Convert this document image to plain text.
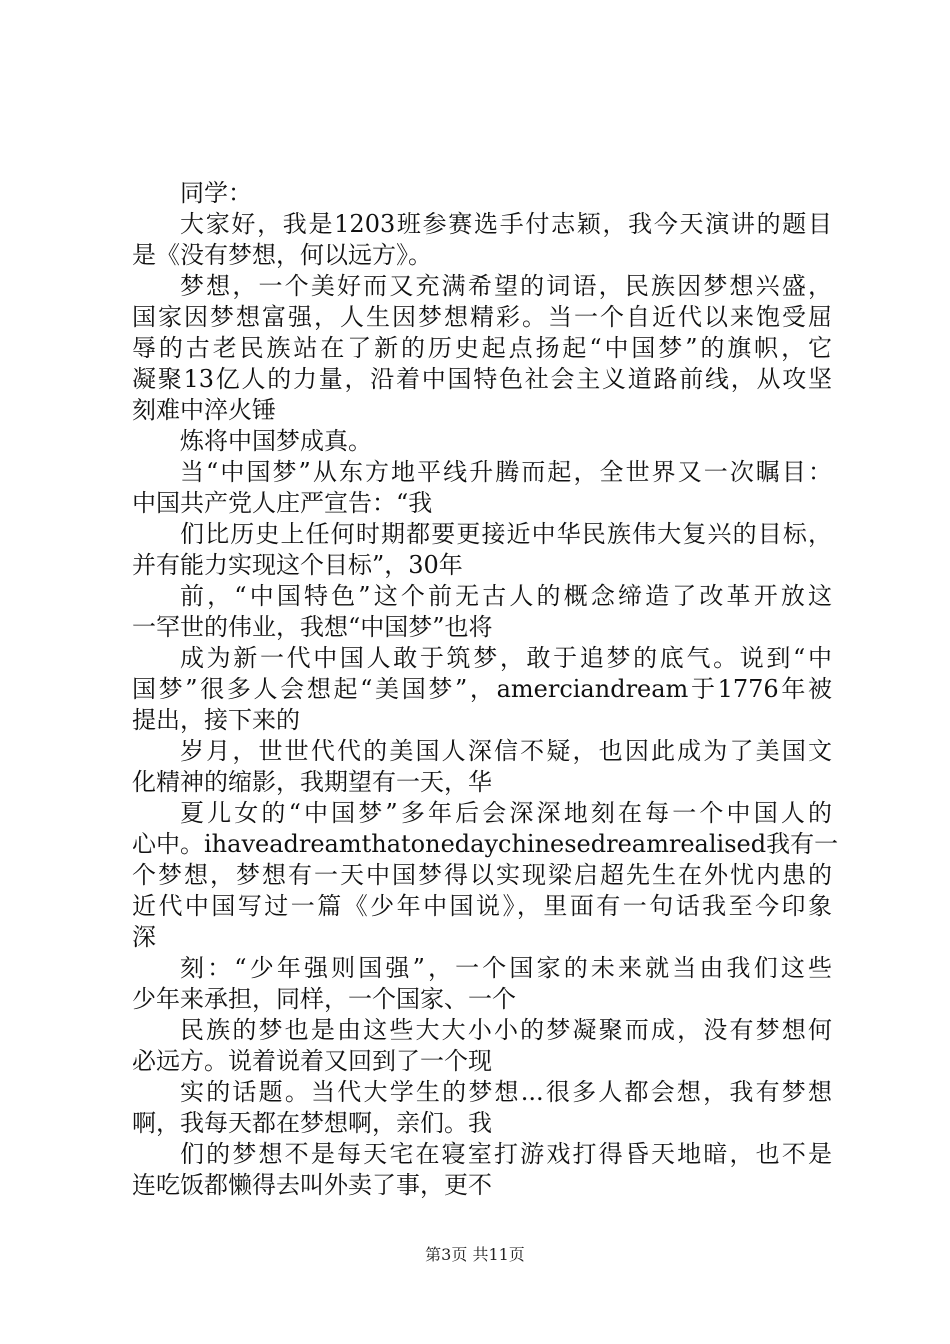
同学：
大家好，我是1203班参赛选手付志颖，我今天演讲的题目
是《没有梦想，何以远方》。
梦想，一个美好而又充满希望的词语，民族因梦想兴盛，
国家因梦想富强，人生因梦想精彩。当一个自近代以来饱受屈
辱的古老民族站在了新的历史起点扬起“中国梦”的旗帜，它
凝聚13亿人的力量，沿着中国特色社会主义道路前线，从攻坚
刻难中淬火锤
炼将中国梦成真。
当“中国梦”从东方地平线升腾而起，全世界又一次瞩目：
中国共产党人庄严宣告：“我
们比历史上任何时期都要更接近中华民族伟大复兴的目标，
并有能力实现这个目标”，30年
前，“中国特色”这个前无古人的概念缔造了改革开放这
一罕世的伟业，我想“中国梦”也将
成为新一代中国人敢于筑梦，敢于追梦的底气。说到“中
国梦”很多人会想起“美国梦”，amerciandream于1776年被
提出，接下来的
岁月，世世代代的美国人深信不疑，也因此成为了美国文
化精神的缩影，我期望有一天，华
夏儿女的“中国梦”多年后会深深地刻在每一个中国人的
心中。ihaveadreamthatonedaychinesedreamrealised我有一
个梦想，梦想有一天中国梦得以实现梁启超先生在外忧内患的
近代中国写过一篇《少年中国说》，里面有一句话我至今印象
深
刻：“少年强则国强”，一个国家的未来就当由我们这些
少年来承担，同样，一个国家、一个
民族的梦也是由这些大大小小的梦凝聚而成，没有梦想何
必远方。说着说着又回到了一个现
实的话题。当代大学生的梦想...很多人都会想，我有梦想
啊，我每天都在梦想啊，亲们。我
们的梦想不是每天宅在寝室打游戏打得昏天地暗，也不是
连吃饭都懒得去叫外卖了事，更不
第3页 共11页
